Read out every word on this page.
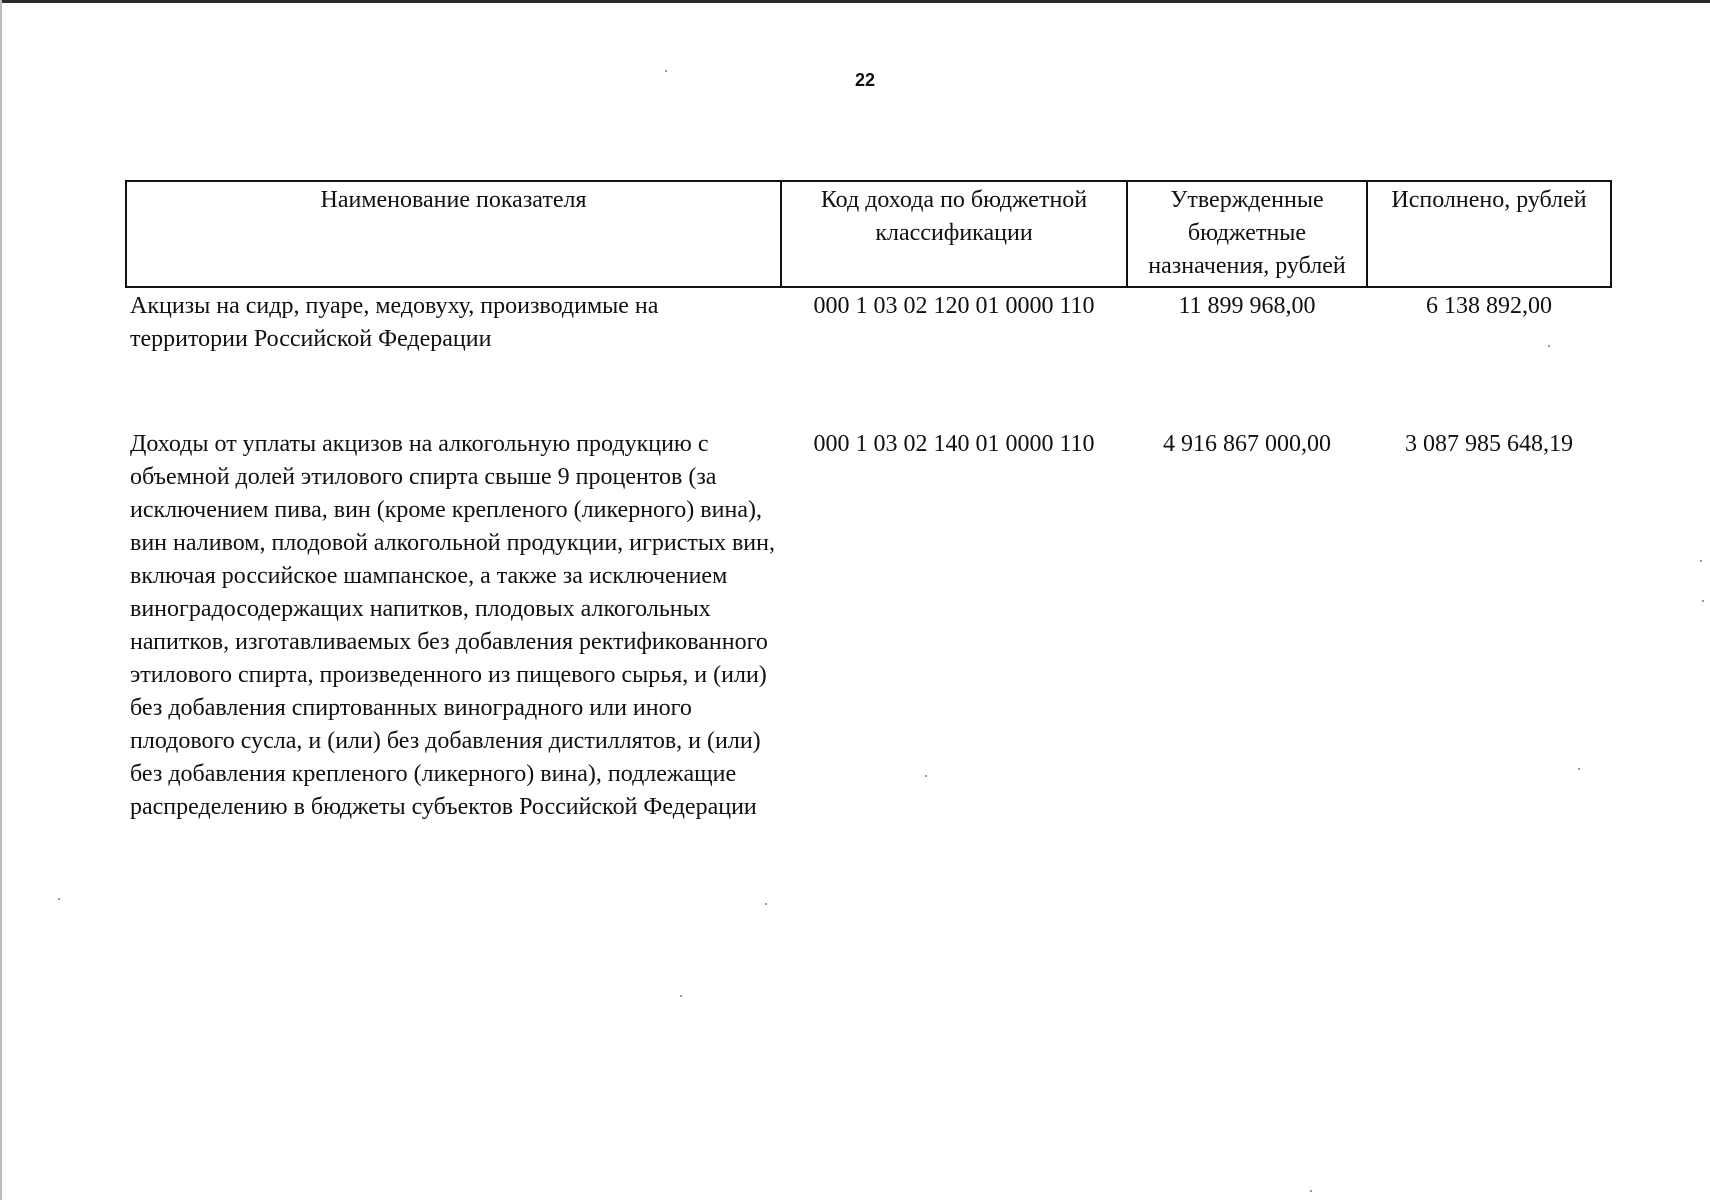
22
Наименование показателя	Код дохода по бюджетной классификации	Утвержденные бюджетные назначения, рублей	Исполнено, рублей
Акцизы на сидр, пуаре, медовуху, производимые на территории Российской Федерации	000 1 03 02 120 01 0000 110	11 899 968,00	6 138 892,00
Доходы от уплаты акцизов на алкогольную продукцию с объемной долей этилового спирта свыше 9 процентов (за исключением пива, вин (кроме крепленого (ликерного) вина), вин наливом, плодовой алкогольной продукции, игристых вин, включая российское шампанское, а также за исключением виноградосодержащих напитков, плодовых алкогольных напитков, изготавливаемых без добавления ректификованного этилового спирта, произведенного из пищевого сырья, и (или) без добавления спиртованных виноградного или иного плодового сусла, и (или) без добавления дистиллятов, и (или) без добавления крепленого (ликерного) вина), подлежащие распределению в бюджеты субъектов Российской Федерации	000 1 03 02 140 01 0000 110	4 916 867 000,00	3 087 985 648,19
